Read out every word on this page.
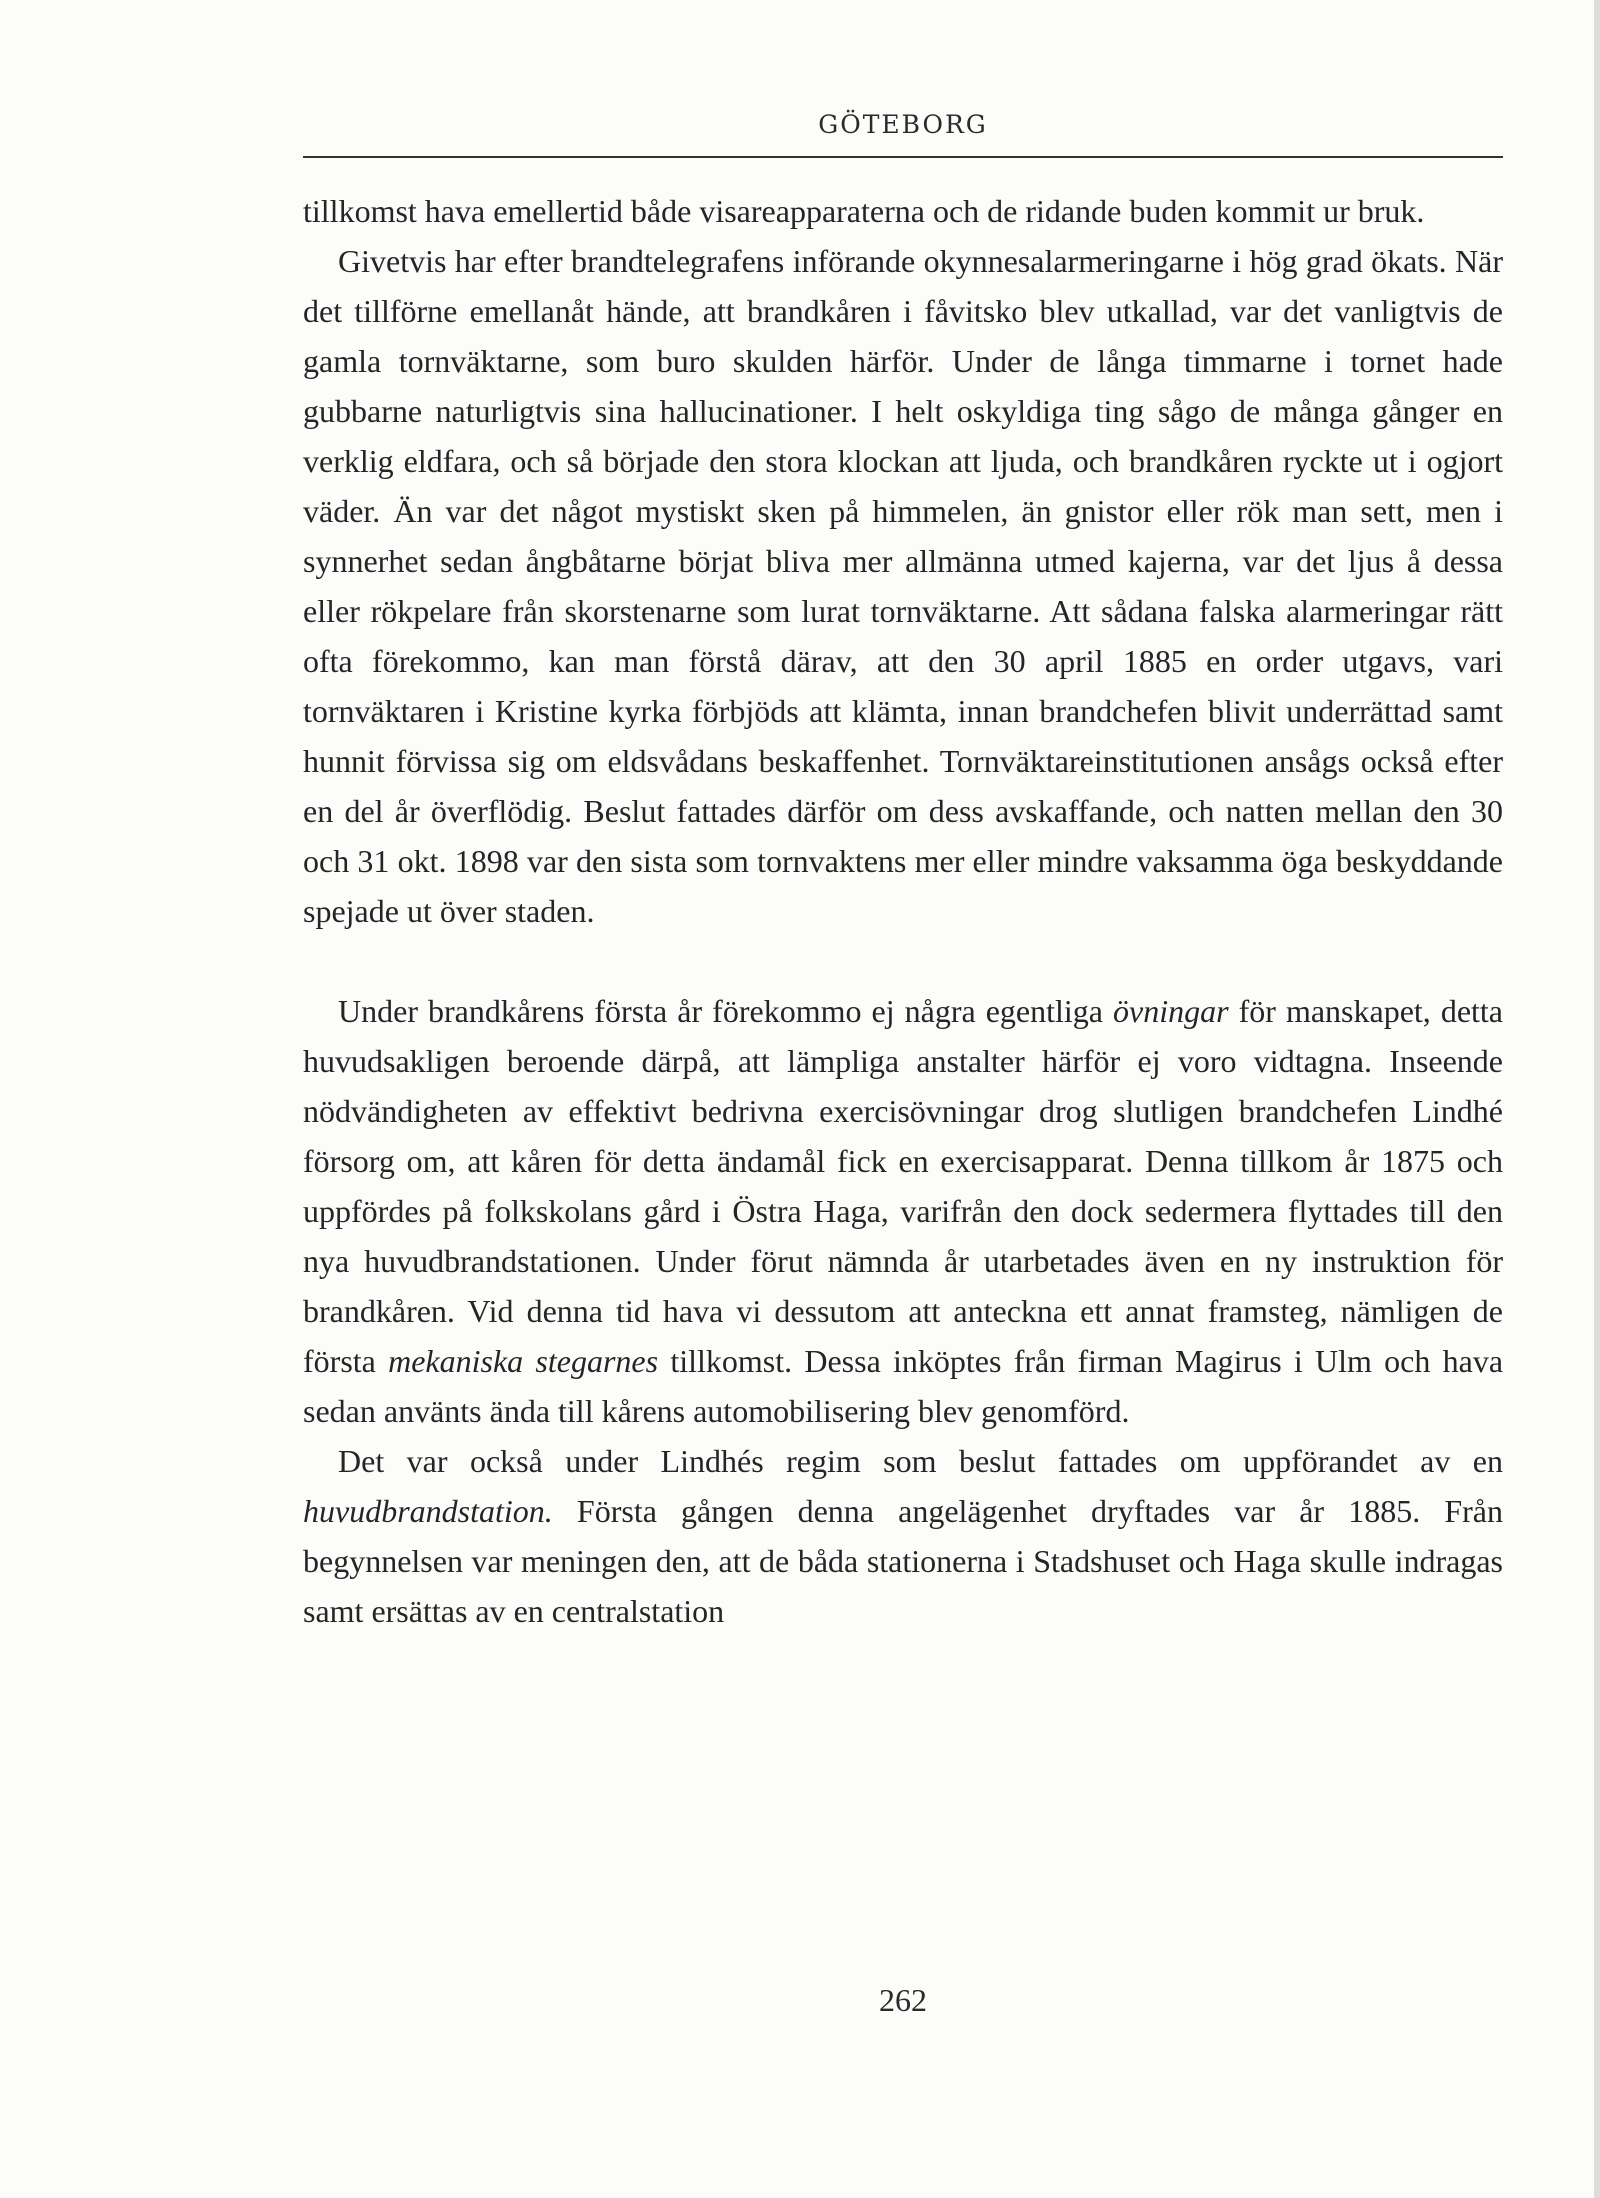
GÖTEBORG

tillkomst hava emellertid både visareapparaterna och de ridande buden kommit ur bruk.

Givetvis har efter brandtelegrafens införande okynnesalarmeringarne i hög grad ökats. När det tillförne emellanåt hände, att brandkåren i fåvitsko blev utkallad, var det vanligtvis de gamla tornväktarne, som buro skulden härför. Under de långa timmarne i tornet hade gubbarne naturligtvis sina hallucinationer. I helt oskyldiga ting sågo de många gånger en verklig eldfara, och så började den stora klockan att ljuda, och brandkåren ryckte ut i ogjort väder. Än var det något mystiskt sken på himmelen, än gnistor eller rök man sett, men i synnerhet sedan ångbåtarne börjat bliva mer allmänna utmed kajerna, var det ljus å dessa eller rökpelare från skorstenarne som lurat tornväktarne. Att sådana falska alarmeringar rätt ofta förekommo, kan man förstå därav, att den 30 april 1885 en order utgavs, vari tornväktaren i Kristine kyrka förbjöds att klämta, innan brandchefen blivit underrättad samt hunnit förvissa sig om eldsvådans beskaffenhet. Tornväktareinstitutionen ansågs också efter en del år överflödig. Beslut fattades därför om dess avskaffande, och natten mellan den 30 och 31 okt. 1898 var den sista som tornvaktens mer eller mindre vaksamma öga beskyddande spejade ut över staden.

Under brandkårens första år förekommo ej några egentliga övningar för manskapet, detta huvudsakligen beroende därpå, att lämpliga anstalter härför ej voro vidtagna. Inseende nödvändigheten av effektivt bedrivna exercisövningar drog slutligen brandchefen Lindhé försorg om, att kåren för detta ändamål fick en exercisapparat. Denna tillkom år 1875 och uppfördes på folkskolans gård i Östra Haga, varifrån den dock sedermera flyttades till den nya huvudbrandstationen. Under förut nämnda år utarbetades även en ny instruktion för brandkåren. Vid denna tid hava vi dessutom att anteckna ett annat framsteg, nämligen de första mekaniska stegarnes tillkomst. Dessa inköptes från firman Magirus i Ulm och hava sedan använts ända till kårens automobilisering blev genomförd.

Det var också under Lindhés regim som beslut fattades om uppförandet av en huvudbrandstation. Första gången denna angelägenhet dryftades var år 1885. Från begynnelsen var meningen den, att de båda stationerna i Stadshuset och Haga skulle indragas samt ersättas av en centralstation

262
